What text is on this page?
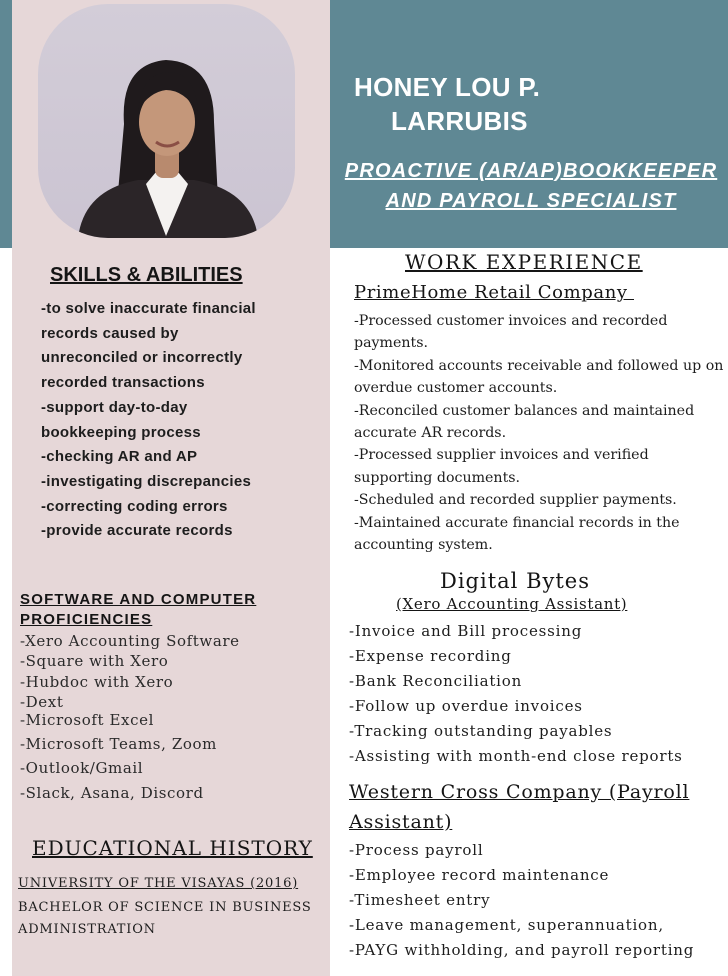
HONEY LOU P.
LARRUBIS
PROACTIVE (AR/AP)BOOKKEEPER AND PAYROLL SPECIALIST
SKILLS & ABILITIES
-to solve inaccurate financial
records caused by
unreconciled or incorrectly
recorded transactions
-support day-to-day
bookkeeping process
-checking AR and AP
-investigating discrepancies
-correcting coding errors
-provide accurate records
SOFTWARE AND COMPUTER PROFICIENCIES
-Xero Accounting Software
-Square with Xero
-Hubdoc with Xero
-Dext
-Microsoft Excel
-Microsoft Teams, Zoom
-Outlook/Gmail
-Slack, Asana, Discord
EDUCATIONAL HISTORY
UNIVERSITY OF THE VISAYAS (2016)
BACHELOR OF SCIENCE IN BUSINESS ADMINISTRATION
WORK EXPERIENCE
PrimeHome Retail Company
-Processed customer invoices and recorded payments.
-Monitored accounts receivable and followed up on overdue customer accounts.
-Reconciled customer balances and maintained accurate AR records.
-Processed supplier invoices and verified supporting documents.
-Scheduled and recorded supplier payments.
-Maintained accurate financial records in the accounting system.
Digital Bytes
(Xero Accounting Assistant)
-Invoice and Bill processing
-Expense recording
-Bank Reconciliation
-Follow up overdue invoices
-Tracking outstanding payables
-Assisting with month-end close reports
Western Cross Company (Payroll Assistant)
-Process payroll
-Employee record maintenance
-Timesheet entry
-Leave management, superannuation,
-PAYG withholding, and payroll reporting
